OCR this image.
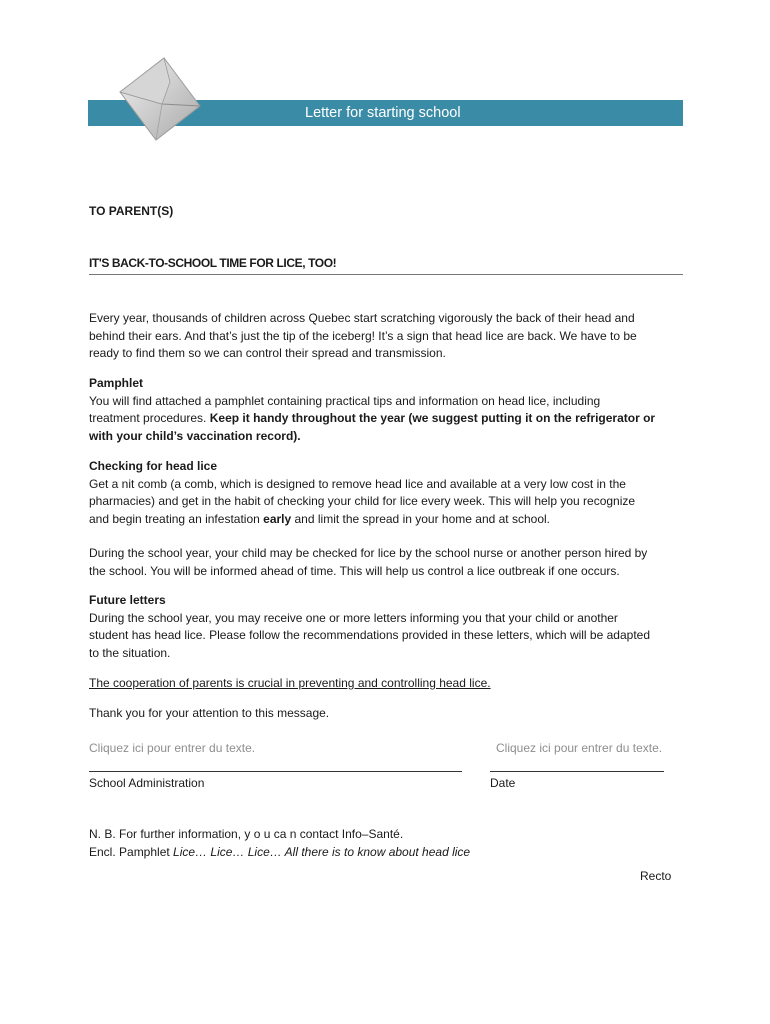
Letter for starting school
TO PARENT(S)
IT'S BACK-TO-SCHOOL TIME FOR LICE, TOO!

Every year, thousands of children across Quebec start scratching vigorously the back of their head and

behind their ears. And that’s just the tip of the iceberg! It’s a sign that head lice are back. We have to be

ready to find them so we can control their spread and transmission.

Pamphlet

You will find attached a pamphlet containing practical tips and information on head lice, including

treatment procedures. Keep it handy throughout the year (we suggest putting it on the refrigerator or

with your child’s vaccination record).

Checking for head lice

Get a nit comb (a comb, which is designed to remove head lice and available at a very low cost in the

pharmacies) and get in the habit of checking your child for lice every week. This will help you recognize

and begin treating an infestation early and limit the spread in your home and at school.

During the school year, your child may be checked for lice by the school nurse or another person hired by

the school. You will be informed ahead of time. This will help us control a lice outbreak if one occurs.

Future letters

During the school year, you may receive one or more letters informing you that your child or another

student has head lice. Please follow the recommendations provided in these letters, which will be adapted

to the situation.

The cooperation of parents is crucial in preventing and controlling head lice.

Thank you for your attention to this message.

Cliquez ici pour entrer du texte.	Cliquez ici pour entrer du texte.

School Administration	Date

N. B. For further information, y o u ca n contact Info–Santé.

Encl. Pamphlet Lice… Lice… Lice… All there is to know about head lice

Recto
